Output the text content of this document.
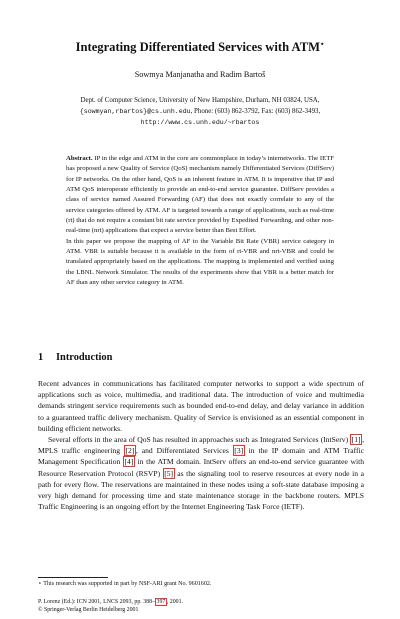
Integrating Differentiated Services with ATM⋆
Sowmya Manjanatha and Radim Bartoš
Dept. of Computer Science, University of New Hampshire, Durham, NH 03824, USA,
{sowmyan,rbartos}@cs.unh.edu, Phone: (603) 862-3792, Fax: (603) 862-3493,
http://www.cs.unh.edu/~rbartos

Abstract. IP in the edge and ATM in the core are commonplace in today’s internetworks. The IETF has proposed a new Quality of Service (QoS) mechanism namely Differentiated Services (DiffServ) for IP networks. On the other hand, QoS is an inherent feature in ATM. It is imperative that IP and ATM QoS interoperate efficiently to provide an end-to-end service guarantee. DiffServ provides a class of service named Assured Forwarding (AF) that does not exactly correlate to any of the service categories offered by ATM. AF is targeted towards a range of applications, such as real-time (rt) that do not require a constant bit rate service provided by Expedited Forwarding, and other non-real-time (nrt) applications that expect a service better than Best Effort.

In this paper we propose the mapping of AF to the Variable Bit Rate (VBR) service category in ATM. VBR is suitable because it is available in the form of rt-VBR and nrt-VBR and could be translated appropriately based on the applications. The mapping is implemented and verified using the LBNL Network Simulator. The results of the experiments show that VBR is a better match for AF than any other service category in ATM.

1 Introduction

Recent advances in communications has facilitated computer networks to support a wide spectrum of applications such as voice, multimedia, and traditional data. The introduction of voice and multimedia demands stringent service requirements such as bounded end-to-end delay, and delay variance in addition to a guaranteed traffic delivery mechanism. Quality of Service is envisioned as an essential component in building efficient networks.

Several efforts in the area of QoS has resulted in approaches such as Integrated Services (IntServ) [1] , MPLS traffic engineering [2] , and Differentiated Services [3] in the IP domain and ATM Traffic Management Specification [4] in the ATM domain. IntServ offers an end-to-end service guarantee with Resource Reservation Protocol (RSVP) [5] as the signaling tool to reserve resources at every node in a path for every flow. The reservations are maintained in these nodes using a soft-state database imposing a very high demand for processing time and state maintenance storage in the backbone routers. MPLS Traffic Engineering is an ongoing effort by the Internet Engineering Task Force (IETF).

⋆ This research was supported in part by NSF-ARI grant No. 9601602.
P. Lorenz (Ed.): ICN 2001, LNCS 2093, pp. 388– 397 , 2001.
© Springer-Verlag Berlin Heidelberg 2001
